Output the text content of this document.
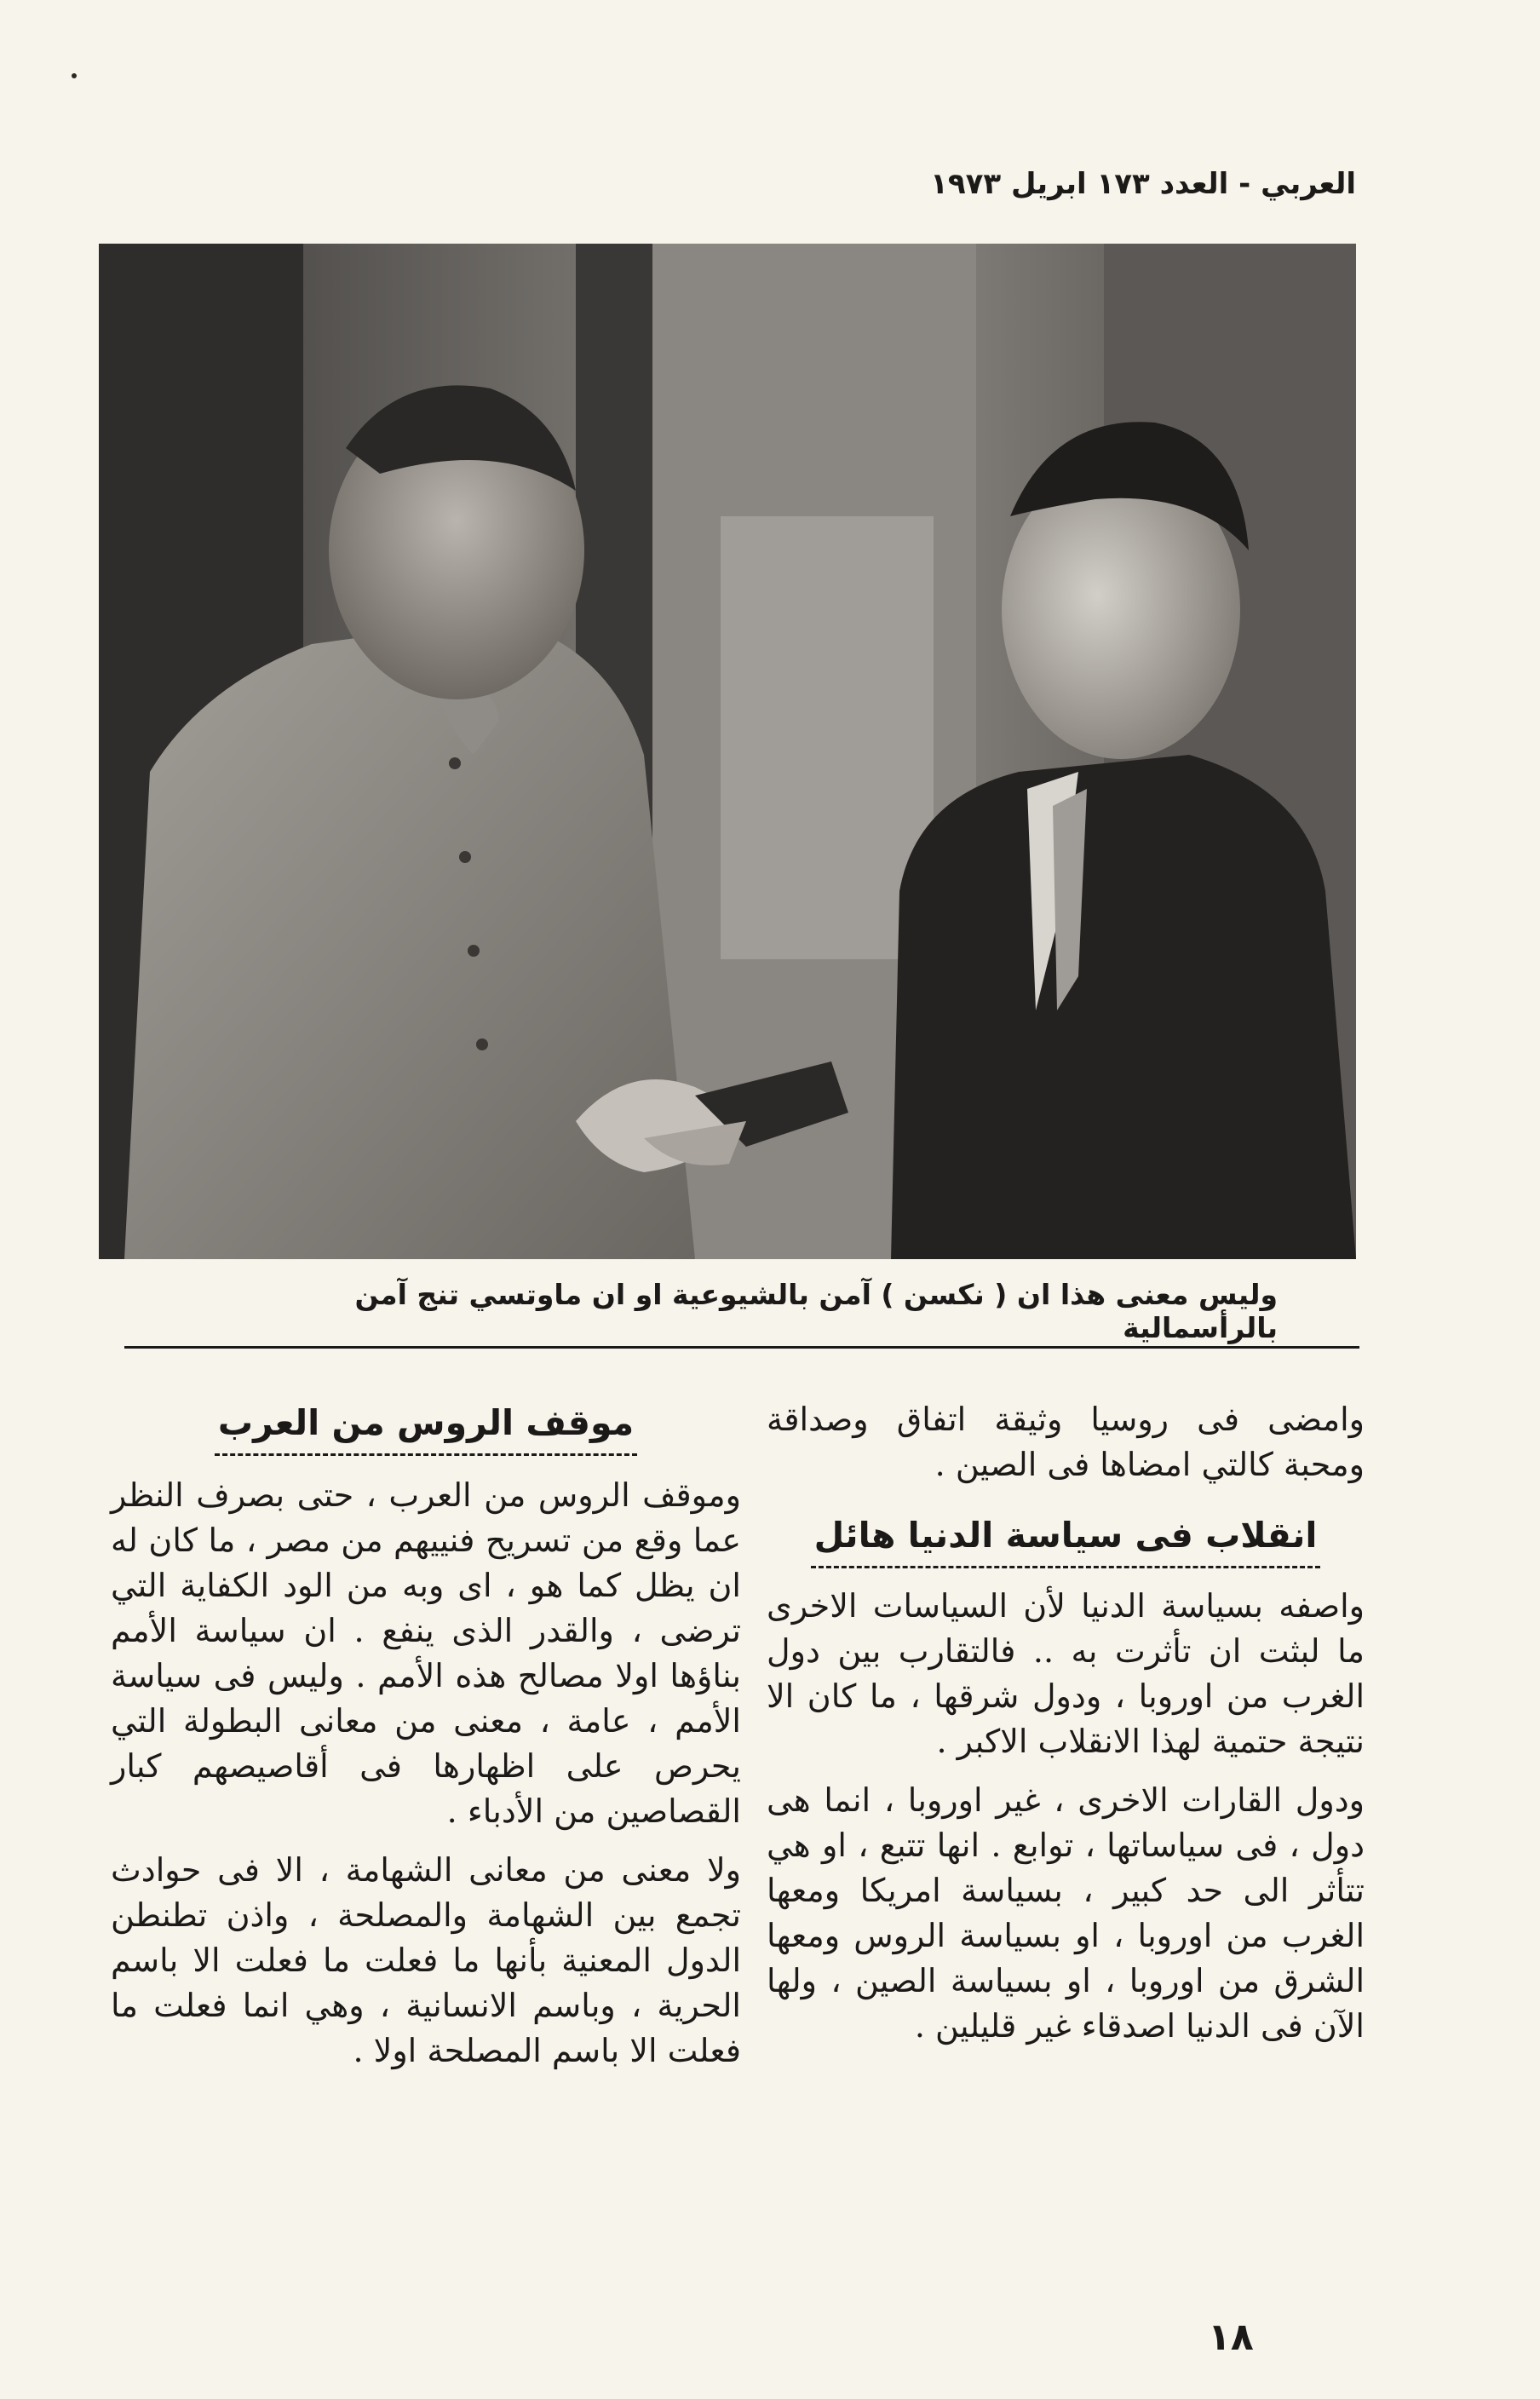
العربي - العدد ١٧٣ ابريل ١٩٧٣
وليس معنى هذا ان ( نكسن ) آمن بالشيوعية او ان ماوتسي تنج آمن بالرأسمالية

وامضى فى روسيا وثيقة اتفاق وصداقة ومحبة كالتي امضاها فى الصين .

انقلاب فى سياسة الدنيا هائل

واصفه بسياسة الدنيا لأن السياسات الاخرى ما لبثت ان تأثرت به .. فالتقارب بين دول الغرب من اوروبا ، ودول شرقها ، ما كان الا نتيجة حتمية لهذا الانقلاب الاكبر .

ودول القارات الاخرى ، غير اوروبا ، انما هى دول ، فى سياساتها ، توابع . انها تتبع ، او هي تتأثر الى حد كبير ، بسياسة امريكا ومعها الغرب من اوروبا ، او بسياسة الروس ومعها الشرق من اوروبا ، او بسياسة الصين ، ولها الآن فى الدنيا اصدقاء غير قليلين .

موقف الروس من العرب

وموقف الروس من العرب ، حتى بصرف النظر عما وقع من تسريح فنييهم من مصر ، ما كان له ان يظل كما هو ، اى وبه من الود الكفاية التي ترضى ، والقدر الذى ينفع . ان سياسة الأمم بناؤها اولا مصالح هذه الأمم . وليس فى سياسة الأمم ، عامة ، معنى من معانى البطولة التي يحرص على اظهارها فى أقاصيصهم كبار القصاصين من الأدباء .

ولا معنى من معانى الشهامة ، الا فى حوادث تجمع بين الشهامة والمصلحة ، واذن تطنطن الدول المعنية بأنها ما فعلت ما فعلت الا باسم الحرية ، وباسم الانسانية ، وهي انما فعلت ما فعلت الا باسم المصلحة اولا .

١٨
